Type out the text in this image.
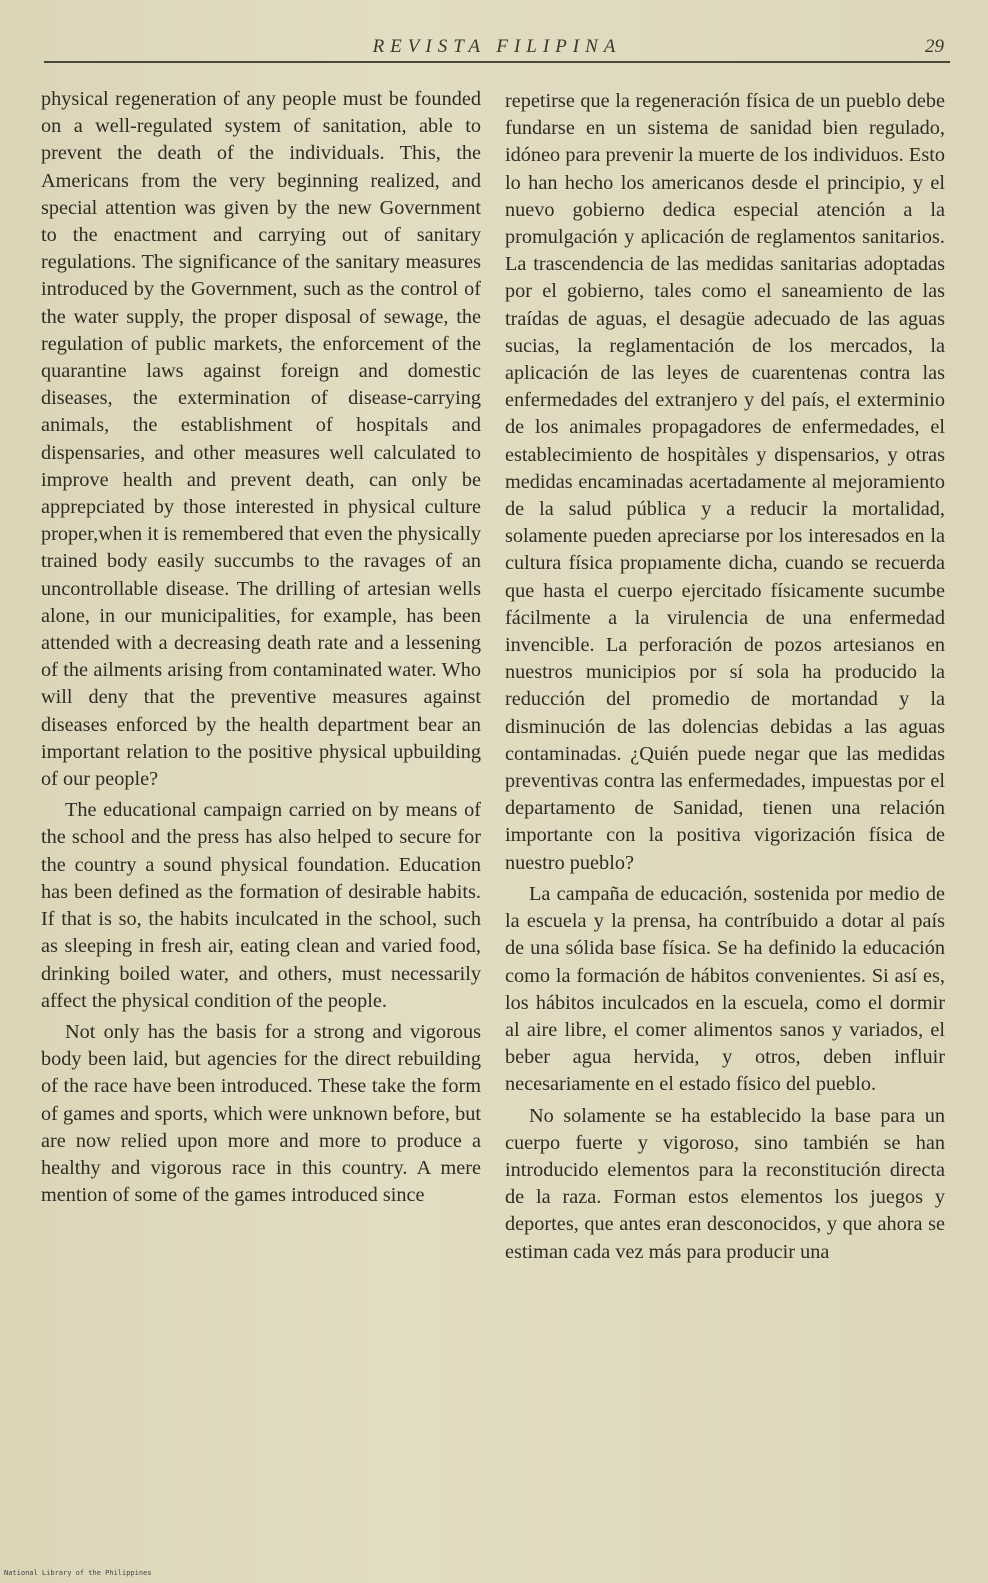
REVISTA FILIPINA	29

physical regeneration of any people must be founded on a well-regulated system of sanitation, able to prevent the death of the individuals. This, the Americans from the very beginning realized, and special attention was given by the new Government to the enactment and carrying out of sanitary regulations. The significance of the sanitary measures introduced by the Government, such as the control of the water supply, the proper disposal of sewage, the regulation of public markets, the enforcement of the quarantine laws against foreign and domestic diseases, the extermination of disease-carrying animals, the establishment of hospitals and dispensaries, and other measures well calculated to improve health and prevent death, can only be apprepciated by those interested in physical culture proper,when it is remembered that even the physically trained body easily succumbs to the ravages of an uncontrollable disease. The drilling of artesian wells alone, in our municipalities, for example, has been attended with a decreasing death rate and a lessening of the ailments arising from contaminated water. Who will deny that the preventive measures against diseases enforced by the health department bear an important relation to the positive physical upbuilding of our people?

The educational campaign carried on by means of the school and the press has also helped to secure for the country a sound physical foundation. Education has been defined as the formation of desirable habits. If that is so, the habits inculcated in the school, such as sleeping in fresh air, eating clean and varied food, drinking boiled water, and others, must necessarily affect the physical condition of the people.

Not only has the basis for a strong and vigorous body been laid, but agencies for the direct rebuilding of the race have been introduced. These take the form of games and sports, which were unknown before, but are now relied upon more and more to produce a healthy and vigorous race in this country. A mere mention of some of the games introduced since

repetirse que la regeneración física de un pueblo debe fundarse en un sistema de sanidad bien regulado, idóneo para prevenir la muerte de los individuos. Esto lo han hecho los americanos desde el principio, y el nuevo gobierno dedica especial atención a la promulgación y aplicación de reglamentos sanitarios. La trascendencia de las medidas sanitarias adoptadas por el gobierno, tales como el saneamiento de las traídas de aguas, el desagüe adecuado de las aguas sucias, la reglamentación de los mercados, la aplicación de las leyes de cuarentenas contra las enfermedades del extranjero y del país, el exterminio de los animales propagadores de enfermedades, el establecimiento de hospitàles y dispensarios, y otras medidas encaminadas acertadamente al mejoramiento de la salud pública y a reducir la mortalidad, solamente pueden apreciarse por los interesados en la cultura física propıamente dicha, cuando se recuerda que hasta el cuerpo ejercitado físicamente sucumbe fácilmente a la virulencia de una enfermedad invencible. La perforación de pozos artesianos en nuestros municipios por sí sola ha producido la reducción del promedio de mortandad y la disminución de las dolencias debidas a las aguas contaminadas. ¿Quién puede negar que las medidas preventivas contra las enfermedades, impuestas por el departamento de Sanidad, tienen una relación importante con la positiva vigorización física de nuestro pueblo?

La campaña de educación, sostenida por medio de la escuela y la prensa, ha contríbuido a dotar al país de una sólida base física. Se ha definido la educación como la formación de hábitos convenientes. Si así es, los hábitos inculcados en la escuela, como el dormir al aire libre, el comer alimentos sanos y variados, el beber agua hervida, y otros, deben influir necesariamente en el estado físico del pueblo.

No solamente se ha establecido la base para un cuerpo fuerte y vigoroso, sino también se han introducido elementos para la reconstitución directa de la raza. Forman estos elementos los juegos y deportes, que antes eran desconocidos, y que ahora se estiman cada vez más para producir una

National Library of the Philippines
